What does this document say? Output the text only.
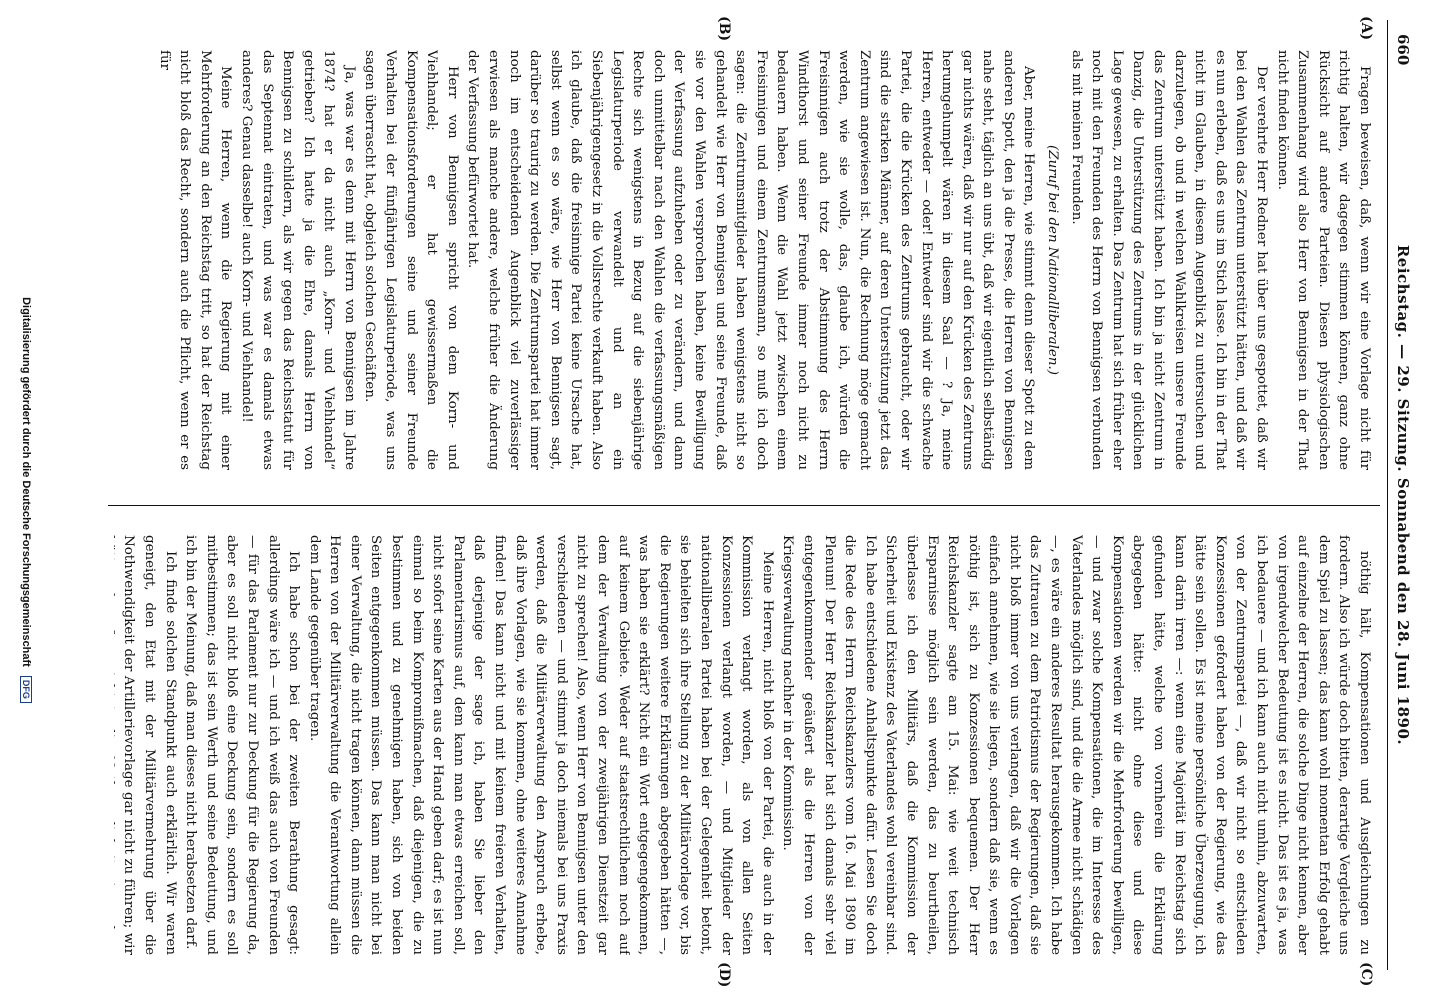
660
Reichstag. — 29. Sitzung. Sonnabend den 28. Juni 1890.
(A)
(B)
(C)
(D)

Fragen beweisen, daß, wenn wir eine Vorlage nicht für richtig halten, wir dagegen stimmen können, ganz ohne Rücksicht auf andere Parteien. Diesen physiologischen Zusammenhang wird also Herr von Bennigsen in der That nicht finden können.

Der verehrte Herr Redner hat über uns gespottet, daß wir bei den Wahlen das Zentrum unterstützt hätten, und daß wir es nun erleben, daß es uns im Stich lasse. Ich bin in der That nicht im Glauben, in diesem Augenblick zu untersuchen und darzulegen, ob und in welchen Wahlkreisen unsere Freunde das Zentrum unterstützt haben. Ich bin ja nicht Zentrum in Danzig, die Unterstützung des Zentrums in der glücklichen Lage gewesen, zu erhalten. Das Zentrum hat sich früher eher noch mit den Freunden des Herrn von Bennigsen verbunden als mit meinen Freunden.

(Zuruf bei den Nationalliberalen.)

Aber, meine Herren, wie stimmt denn dieser Spott zu dem anderen Spott, den ja die Presse, die Herren von Bennigsen nahe steht, täglich an uns übt, daß wir eigentlich selbständig gar nichts wären, daß wir nur auf den Krücken des Zentrums herumgehumpelt wären in diesem Saal — ? Ja, meine Herren, entweder — oder! Entweder sind wir die schwache Partei, die die Krücken des Zentrums gebraucht, oder wir sind die starken Männer, auf deren Unterstützung jetzt das Zentrum angewiesen ist. Nun, die Rechnung möge gemacht werden, wie sie wolle, das, glaube ich, würden die Freisinnigen auch trotz der Abstimmung des Herrn Windthorst und seiner Freunde immer noch nicht zu bedauern haben. Wenn die Wahl jetzt zwischen einem Freisinnigen und einem Zentrumsmann, so muß ich doch sagen: die Zentrumsmitglieder haben wenigstens nicht so gehandelt wie Herr von Bennigsen und seine Freunde, daß sie vor den Wahlen versprochen haben, keine Bewilligung der Verfassung aufzuheben oder zu verändern, und dann doch unmittelbar nach den Wahlen die verfassungsmäßigen Rechte sich wenigstens in Bezug auf die siebenjährige Legislaturperiode verwandelt und an ein Siebenjährigengesetz in die Vollsrechte verkauft haben. Also ich glaube, daß die freisinnige Partei keine Ursache hat, selbst wenn es so wäre, wie Herr von Bennigsen sagt, darüber so traurig zu werden. Die Zentrumspartei hat immer noch im entscheidenden Augenblick viel zuverlässiger erwiesen als manche andere, welche früher die Änderung der Verfassung befürwortet hat.

Herr von Bennigsen spricht von dem Korn- und Viehhandel; er hat gewissermaßen die Kompensationsforderungen seine und seiner Freunde Verhalten bei der fünfjährigen Legislaturperiode, was uns sagen überrascht hat, obgleich solchen Geschäften.

Ja, was war es denn mit Herrn von Bennigsen im Jahre 1874? hat er da nicht auch „Korn- und Viehhandel“ getrieben? Ich hatte ja die Ehre, damals Herrn von Bennigsen zu schildern, als wir gegen das Reichsstatut für das Septennat eintraten, und was war es damals etwas anderes? Genau dasselbe! auch Korn- und Viehhandel!

Meine Herren, wenn die Regierung mit einer Mehrforderung an den Reichstag tritt, so hat der Reichstag nicht bloß das Recht, sondern auch die Pflicht, wenn er es für

nöthig hält, Kompensationen und Ausgleichungen zu fordern. Also ich würde doch bitten, derartige Vergleiche uns dem Spiel zu lassen; das kann wohl momentan Erfolg gehabt auf einzelne der Herren, die solche Dinge nicht kennen, aber von irgendwelcher Bedeutung ist es nicht. Das ist es ja, was ich bedauere — und ich kann auch nicht umhin, abzuwarten, von der Zentrumspartei —, daß wir nicht so entschieden Konzessionen gefordert haben von der Regierung, wie das hätte sein sollen. Es ist meine persönliche Überzeugung, ich kann darin irren —: wenn eine Majorität im Reichstag sich gefunden hätte, welche von vornherein die Erklärung abgegeben hätte: nicht ohne diese und diese Kompensationen werden wir die Mehrforderung bewilligen, — und zwar solche Kompensationen, die im Interesse des Vaterlandes möglich sind, und die die Armee nicht schädigen —, es wäre ein anderes Resultat herausgekommen. Ich habe das Zutrauen zu dem Patriotismus der Regierungen, daß sie nicht bloß immer von uns verlangen, daß wir die Vorlagen einfach annehmen, wie sie liegen, sondern daß sie, wenn es nöthig ist, sich zu Konzessionen bequemen. Der Herr Reichskanzler sagte am 15. Mai: wie weit technisch Ersparnisse möglich sein werden, das zu beurtheilen, überlasse ich den Militärs, daß die Kommission der Sicherheit und Existenz des Vaterlandes wohl vereinbar sind. Ich habe entschiedene Anhaltspunkte dafür. Lesen Sie doch die Rede des Herrn Reichskanzlers vom 16. Mai 1890 im Plenum! Der Herr Reichskanzler hat sich damals sehr viel entgegenkommender geäußert als die Herren von der Kriegsverwaltung nachher in der Kommission.

Meine Herren, nicht bloß von der Partei, die auch in der Kommission verlangt worden, als von allen Seiten Konzessionen verlangt worden, — und Mitglieder der nationalliberalen Partei haben bei der Gelegenheit betont, sie behielten sich ihre Stellung zu der Militärvorlage vor, bis die Regierungen weitere Erklärungen abgegeben hätten —, was haben sie erklärt? Nicht ein Wort entgegengekommen, auf keinem Gebiete. Weder auf staatsrechtlichem noch auf dem der Verwaltung von der zweijährigen Dienstzeit gar nicht zu sprechen! Also, wenn Herr von Bennigsen unter den verschiedenen — und stimmt ja doch niemals bei uns Praxis werden, daß die Militärverwaltung den Anspruch erhebe, daß ihre Vorlagen, wie sie kommen, ohne weiteres Annahme finden! Das kann nicht und mit keinem freieren Verhalten, daß derjenige der sage ich, haben Sie lieber den Parlamentarismus auf, dem kann man etwas erreichen soll, nicht sofort seine Karten aus der Hand geben darf; es ist nun einmal so beim Kompromißmachen, daß diejenigen, die zu bestimmen und zu genehmigen haben, sich von beiden Seiten entgegenkommen müssen. Das kann man nicht bei einer Verwaltung, die nicht tragen können, dann müssen die Herren von der Militärverwaltung die Verantwortung allein dem Lande gegenüber tragen.

Ich habe schon bei der zweiten Berathung gesagt: allerdings wäre ich — und ich weiß das auch von Freunden — für das Parlament nur zur Deckung für die Regierung da, aber es soll nicht bloß eine Deckung sein, sondern es soll mitbestimmen; das ist sein Werth und seine Bedeutung, und ich bin der Meinung, daß man dieses nicht herabsetzen darf.

Ich finde solchen Standpunkt auch erklärlich. Wir waren geneigt, den Etat mit der Militärvermehrung über die Nothwendigkeit der Artillerievorlage gar nicht zu führen; wir

Digitalisierung gefördert durch die Deutsche Forschungsgemeinschaft DFG
